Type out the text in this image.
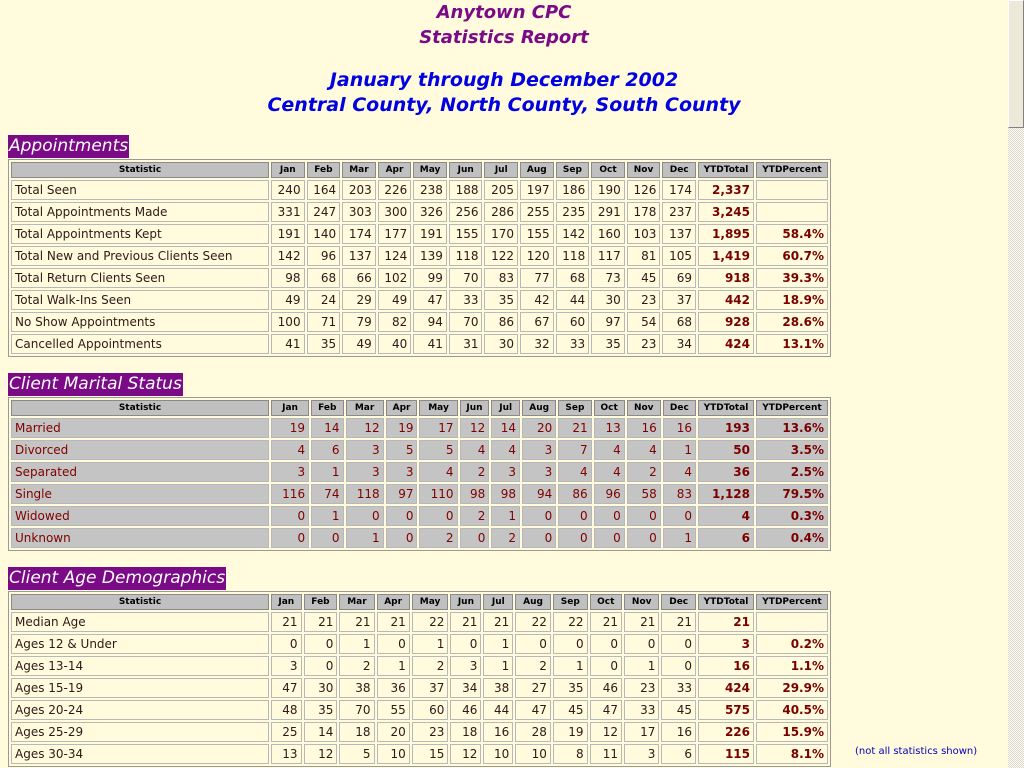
Anytown CPC
Statistics Report
January through December 2002
Central County, North County, South County
Appointments
Statistic	Jan	Feb	Mar	Apr	May	Jun	Jul	Aug	Sep	Oct	Nov	Dec	YTDTotal	YTDPercent
Total Seen	240	164	203	226	238	188	205	197	186	190	126	174	2,337	
Total Appointments Made	331	247	303	300	326	256	286	255	235	291	178	237	3,245	
Total Appointments Kept	191	140	174	177	191	155	170	155	142	160	103	137	1,895	58.4%
Total New and Previous Clients Seen	142	96	137	124	139	118	122	120	118	117	81	105	1,419	60.7%
Total Return Clients Seen	98	68	66	102	99	70	83	77	68	73	45	69	918	39.3%
Total Walk-Ins Seen	49	24	29	49	47	33	35	42	44	30	23	37	442	18.9%
No Show Appointments	100	71	79	82	94	70	86	67	60	97	54	68	928	28.6%
Cancelled Appointments	41	35	49	40	41	31	30	32	33	35	23	34	424	13.1%
Client Marital Status
Statistic	Jan	Feb	Mar	Apr	May	Jun	Jul	Aug	Sep	Oct	Nov	Dec	YTDTotal	YTDPercent
Married	19	14	12	19	17	12	14	20	21	13	16	16	193	13.6%
Divorced	4	6	3	5	5	4	4	3	7	4	4	1	50	3.5%
Separated	3	1	3	3	4	2	3	3	4	4	2	4	36	2.5%
Single	116	74	118	97	110	98	98	94	86	96	58	83	1,128	79.5%
Widowed	0	1	0	0	0	2	1	0	0	0	0	0	4	0.3%
Unknown	0	0	1	0	2	0	2	0	0	0	0	1	6	0.4%
Client Age Demographics
Statistic	Jan	Feb	Mar	Apr	May	Jun	Jul	Aug	Sep	Oct	Nov	Dec	YTDTotal	YTDPercent
Median Age	21	21	21	21	22	21	21	22	22	21	21	21	21	
Ages 12 & Under	0	0	1	0	1	0	1	0	0	0	0	0	3	0.2%
Ages 13-14	3	0	2	1	2	3	1	2	1	0	1	0	16	1.1%
Ages 15-19	47	30	38	36	37	34	38	27	35	46	23	33	424	29.9%
Ages 20-24	48	35	70	55	60	46	44	47	45	47	33	45	575	40.5%
Ages 25-29	25	14	18	20	23	18	16	28	19	12	17	16	226	15.9%
Ages 30-34	13	12	5	10	15	12	10	10	8	11	3	6	115	8.1%	(not all statistics shown)
